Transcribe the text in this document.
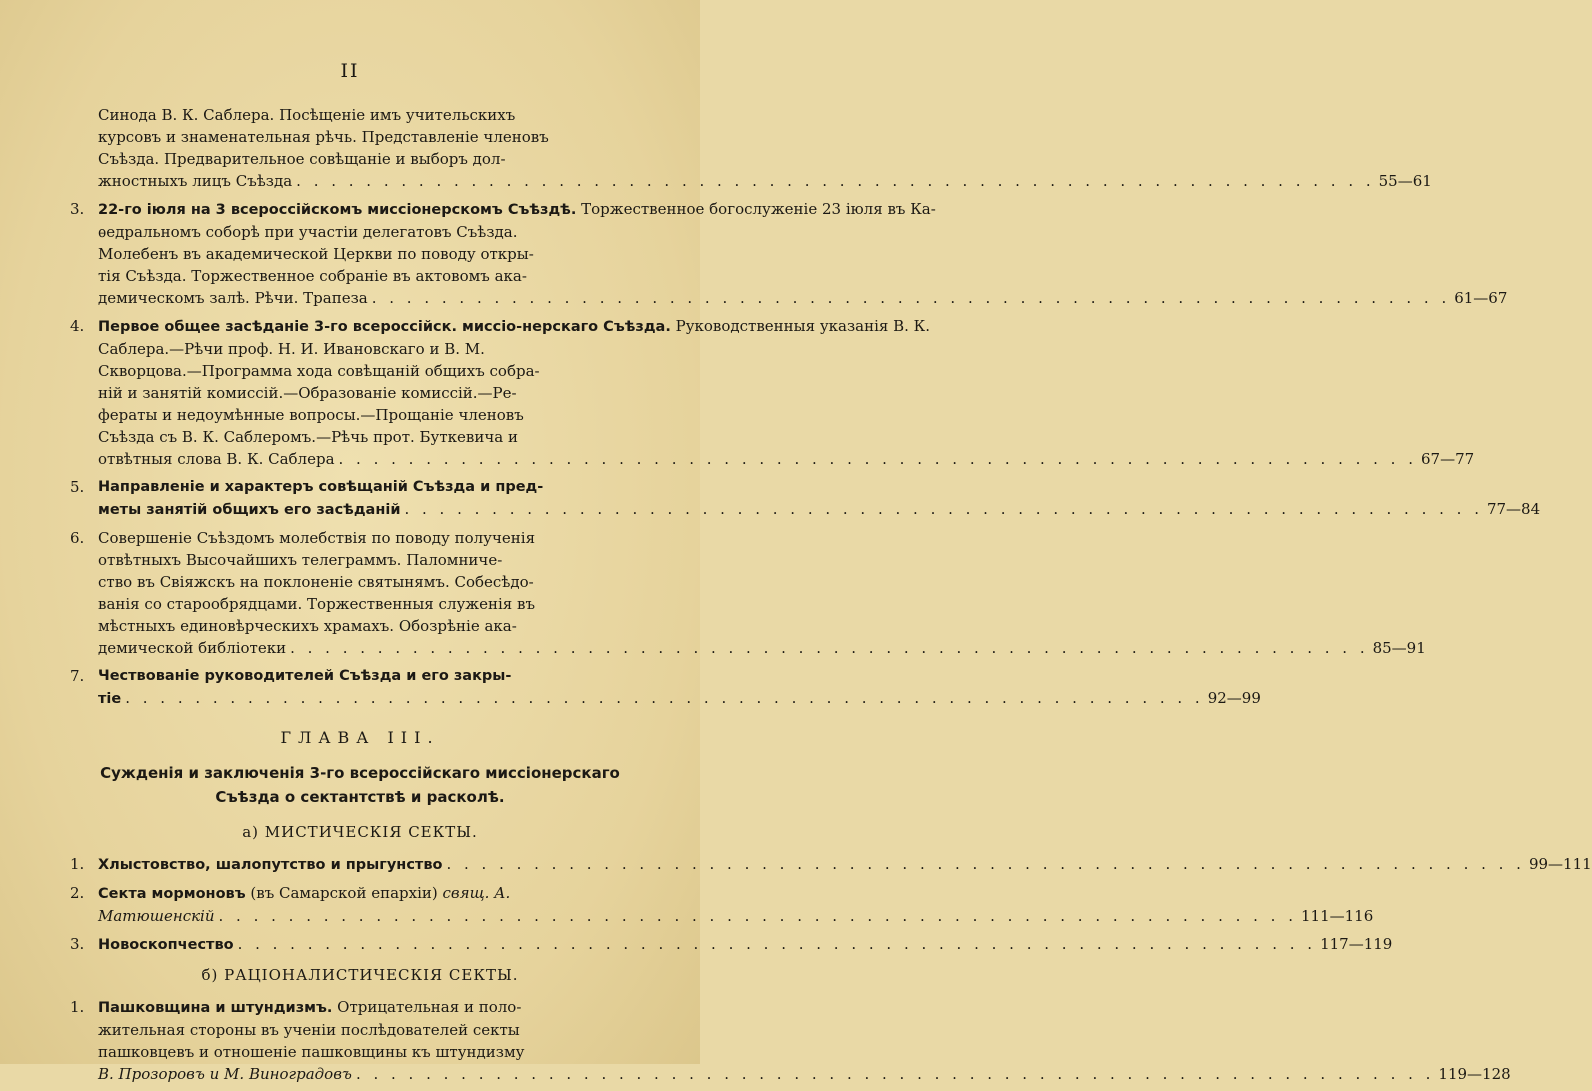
II
Синода В. К. Саблера. Посѣщеніе имъ учительскихъ
курсовъ и знаменательная рѣчь. Представленіе членовъ
Съѣзда. Предварительное совѣщаніе и выборъ дол-
жностныхъ лицъ Съѣзда . . .	55—61
3. 22-го іюля на 3 всероссійскомъ миссіонерскомъ Съѣздѣ. Торжественное богослуженіе 23 іюля въ Ка-
ѳедральномъ соборѣ при участіи делегатовъ Съѣзда.
Молебенъ въ академической Церкви по поводу откры-
тія Съѣзда. Торжественное собраніе въ актовомъ ака-
демическомъ залѣ. Рѣчи. Трапеза . . .	61—67
4. Первое общее засѣданіе 3-го всероссійск. миссіо-нерскаго Съѣзда. Руководственныя указанія В. К.
Саблера.—Рѣчи проф. Н. И. Ивановскаго и В. М.
Скворцова.—Программа хода совѣщаній общихъ собра-
ній и занятій комиссій.—Образованіе комиссій.—Ре-
фераты и недоумѣнные вопросы.—Прощаніе членовъ
Съѣзда съ В. К. Саблеромъ.—Рѣчь прот. Буткевича и
отвѣтныя слова В. К. Саблера . . .	67—77
5. Направленіе и характеръ совѣщаній Съѣзда и пред-
меты занятій общихъ его засѣданій . . .	77—84
6. Совершеніе Съѣздомъ молебствія по поводу полученія
отвѣтныхъ Высочайшихъ телеграммъ. Паломниче-
ство въ Свіяжскъ на поклоненіе святынямъ. Собесѣдо-
ванія со старообрядцами. Торжественныя служенія въ
мѣстныхъ единовѣрческихъ храмахъ. Обозрѣніе ака-
демической библіотеки . . .	85—91
7. Чествованіе руководителей Съѣзда и его закры-
тіе . . .	92—99
ГЛАВА III.
Сужденія и заключенія 3-го всероссійскаго миссіонерскаго
Съѣзда о сектантствѣ и расколѣ.
а) МИСТИЧЕСКІЯ СЕКТЫ.
1. Хлыстовство, шалопутство и прыгунство . . .	99—111
2. Секта мормоновъ (въ Самарской епархіи) свящ. А.
Матюшенскій . . .	111—116
3. Новоскопчество . . .	117—119
б) РАЦІОНАЛИСТИЧЕСКІЯ СЕКТЫ.
1. Пашковщина и штундизмъ. Отрицательная и поло-
жительная стороны въ ученіи послѣдователей секты
пашковцевъ и отношеніе пашковщины къ штундизму
В. Прозоровъ и М. Виноградовъ . . .	119—128
